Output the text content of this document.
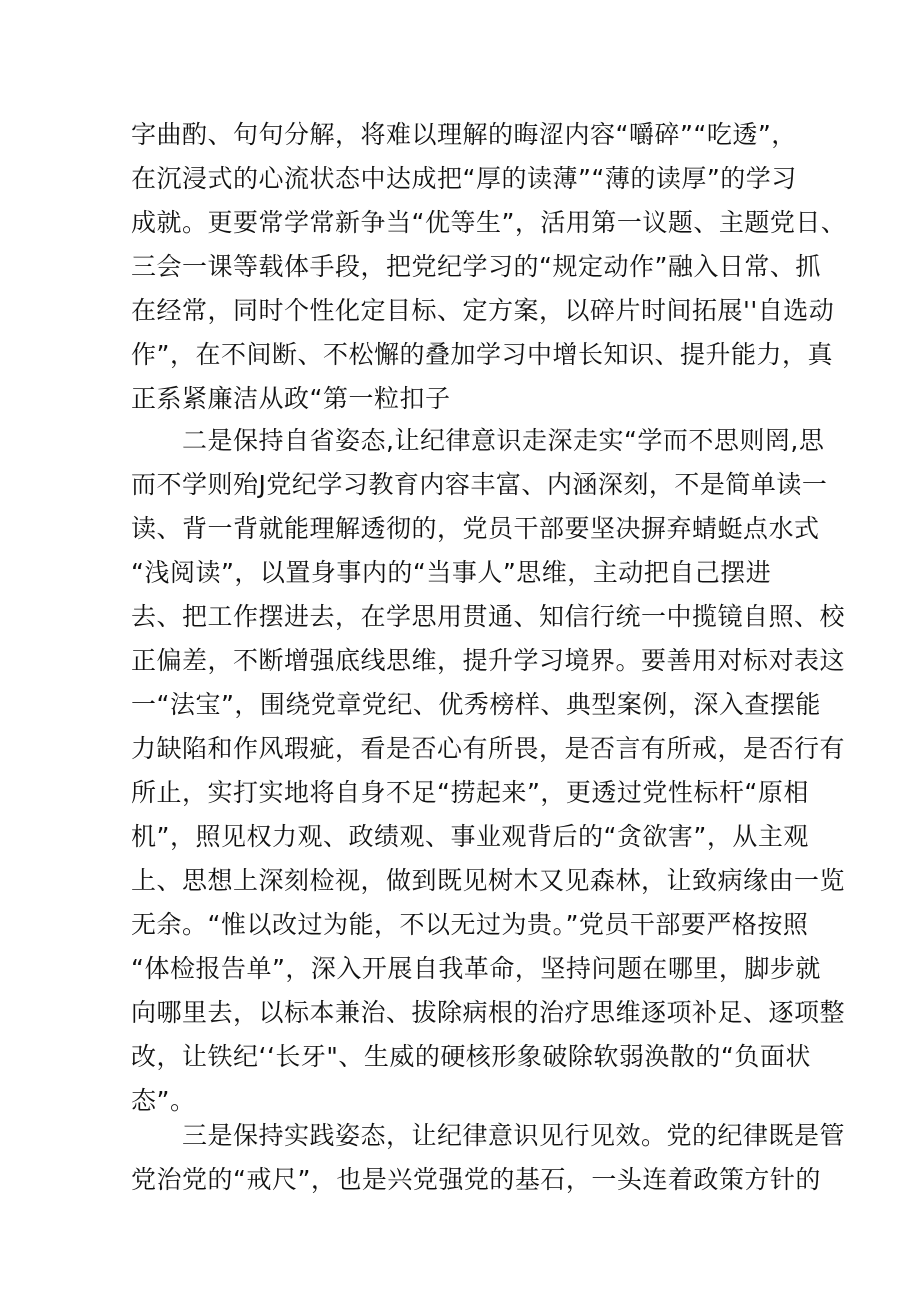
字曲酌、句句分解，将难以理解的晦涩内容“嚼碎”“吃透”，
在沉浸式的心流状态中达成把“厚的读薄”“薄的读厚”的学习
成就。更要常学常新争当“优等生”，活用第一议题、主题党日、
三会一课等载体手段，把党纪学习的“规定动作”融入日常、抓
在经常，同时个性化定目标、定方案，以碎片时间拓展''自选动
作”，在不间断、不松懈的叠加学习中增长知识、提升能力，真
正系紧廉洁从政“第一粒扣子
　　二是保持自省姿态,让纪律意识走深走实“学而不思则罔,思
而不学则殆J党纪学习教育内容丰富、内涵深刻，不是简单读一
读、背一背就能理解透彻的，党员干部要坚决摒弃蜻蜓点水式
“浅阅读”，以置身事内的“当事人”思维，主动把自己摆进
去、把工作摆进去，在学思用贯通、知信行统一中揽镜自照、校
正偏差，不断增强底线思维，提升学习境界。要善用对标对表这
一“法宝”，围绕党章党纪、优秀榜样、典型案例，深入查摆能
力缺陷和作风瑕疵，看是否心有所畏，是否言有所戒，是否行有
所止，实打实地将自身不足“捞起来”，更透过党性标杆“原相
机”，照见权力观、政绩观、事业观背后的“贪欲害”，从主观
上、思想上深刻检视，做到既见树木又见森林，让致病缘由一览
无余。“惟以改过为能，不以无过为贵。”党员干部要严格按照
“体检报告单”，深入开展自我革命，坚持问题在哪里，脚步就
向哪里去，以标本兼治、拔除病根的治疗思维逐项补足、逐项整
改，让铁纪‘‘长牙"、生威的硬核形象破除软弱涣散的“负面状
态”。
　　三是保持实践姿态，让纪律意识见行见效。党的纪律既是管
党治党的“戒尺”，也是兴党强党的基石，一头连着政策方针的
